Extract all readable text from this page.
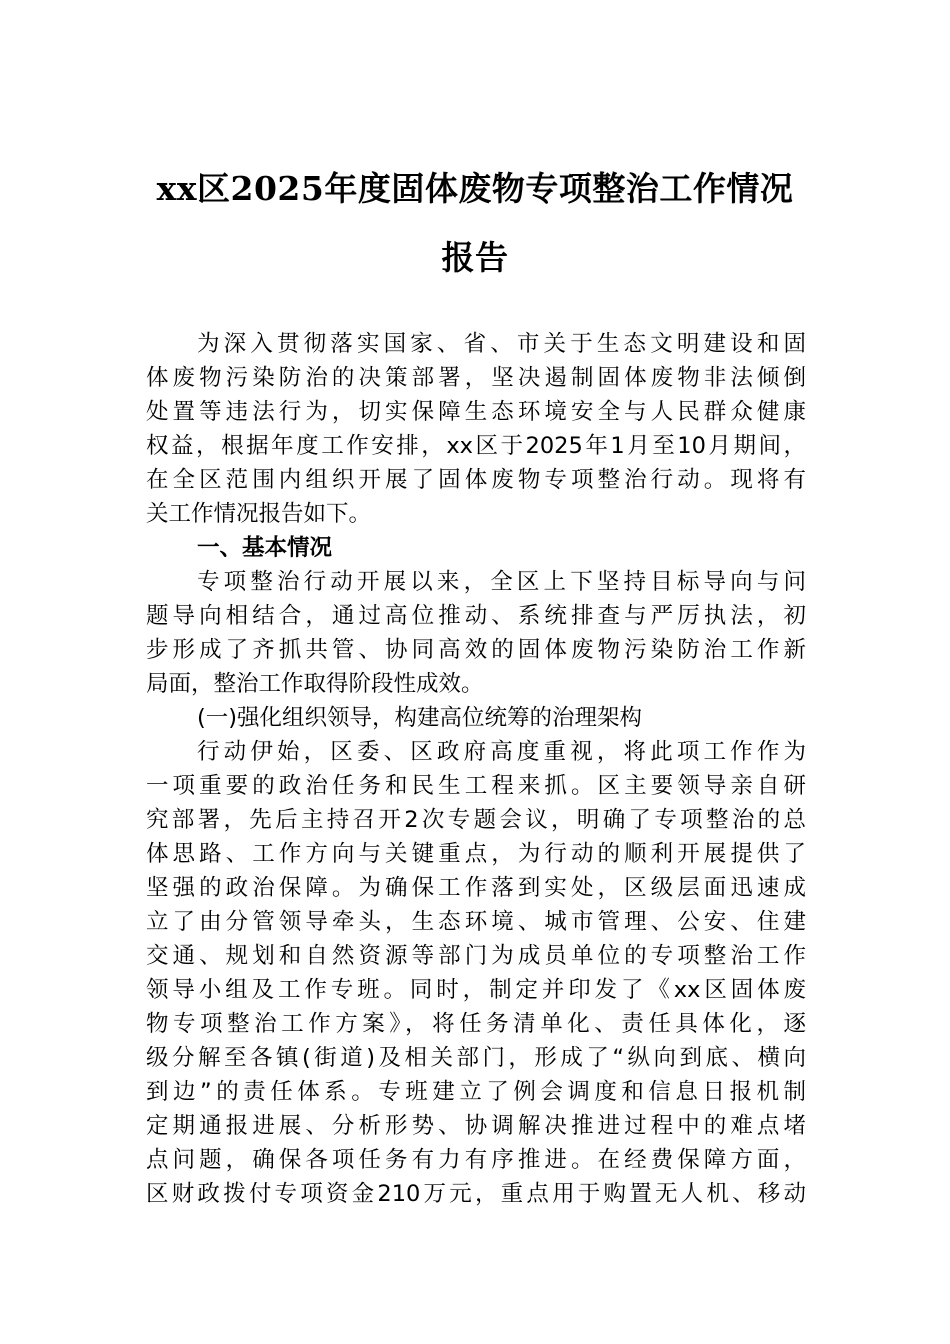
xx区2025年度固体废物专项整治工作情况
报告

为深入贯彻落实国家、省、市关于生态文明建设和固

体废物污染防治的决策部署，坚决遏制固体废物非法倾倒

处置等违法行为，切实保障生态环境安全与人民群众健康

权益，根据年度工作安排，xx区于2025年1月至10月期间，

在全区范围内组织开展了固体废物专项整治行动。现将有

关工作情况报告如下。

一、基本情况

专项整治行动开展以来，全区上下坚持目标导向与问

题导向相结合，通过高位推动、系统排查与严厉执法，初

步形成了齐抓共管、协同高效的固体废物污染防治工作新

局面，整治工作取得阶段性成效。

(一)强化组织领导，构建高位统筹的治理架构

行动伊始，区委、区政府高度重视，将此项工作作为

一项重要的政治任务和民生工程来抓。区主要领导亲自研

究部署，先后主持召开2次专题会议，明确了专项整治的总

体思路、工作方向与关键重点，为行动的顺利开展提供了

坚强的政治保障。为确保工作落到实处，区级层面迅速成

立了由分管领导牵头，生态环境、城市管理、公安、住建

交通、规划和自然资源等部门为成员单位的专项整治工作

领导小组及工作专班。同时，制定并印发了《xx区固体废

物专项整治工作方案》，将任务清单化、责任具体化，逐

级分解至各镇(街道)及相关部门，形成了“纵向到底、横向

到边”的责任体系。专班建立了例会调度和信息日报机制

定期通报进展、分析形势、协调解决推进过程中的难点堵

点问题，确保各项任务有力有序推进。在经费保障方面，

区财政拨付专项资金210万元，重点用于购置无人机、移动
